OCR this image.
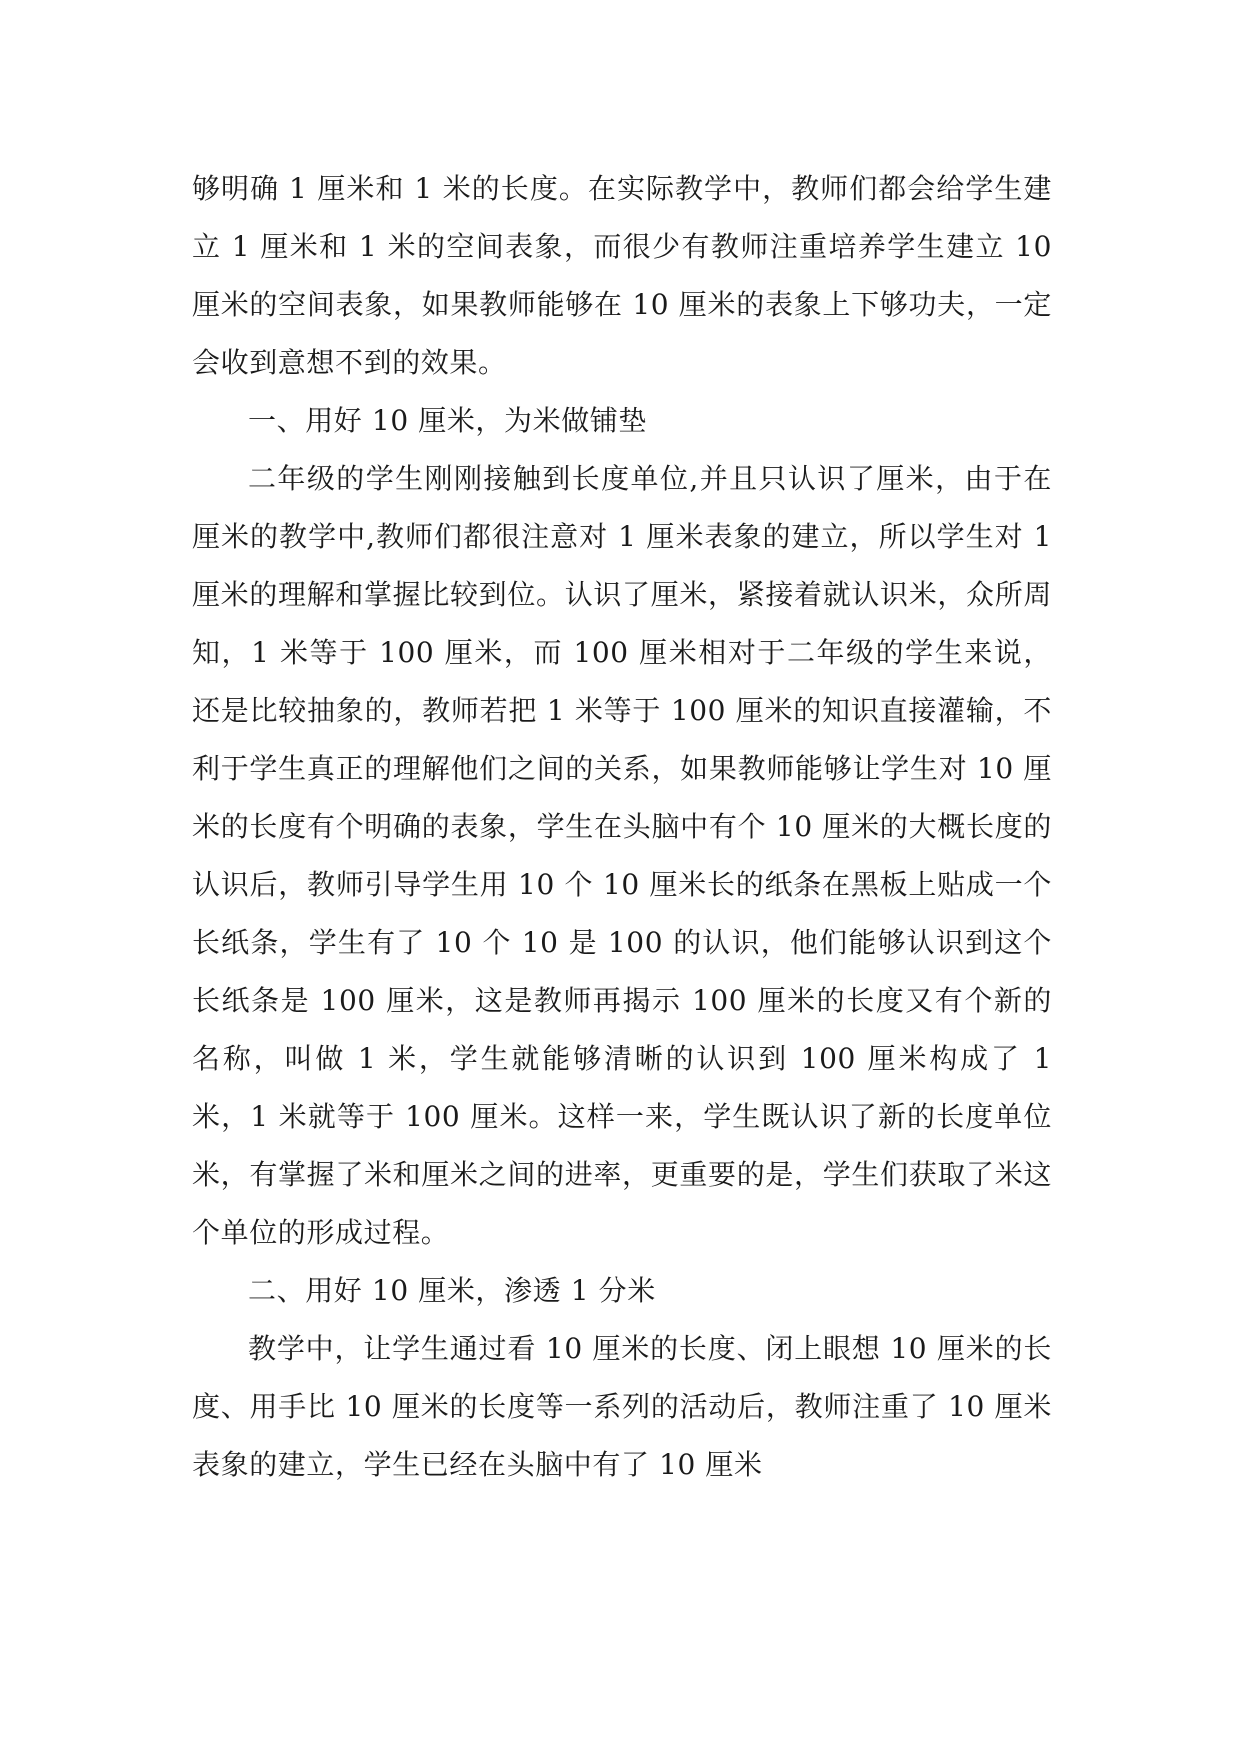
够明确 1 厘米和 1 米的长度。在实际教学中，教师们都会给学生建立 1 厘米和 1 米的空间表象，而很少有教师注重培养学生建立 10 厘米的空间表象，如果教师能够在 10 厘米的表象上下够功夫，一定会收到意想不到的效果。

一、用好 10 厘米，为米做铺垫

二年级的学生刚刚接触到长度单位,并且只认识了厘米，由于在厘米的教学中,教师们都很注意对 1 厘米表象的建立，所以学生对 1 厘米的理解和掌握比较到位。认识了厘米，紧接着就认识米，众所周知，1 米等于 100 厘米，而 100 厘米相对于二年级的学生来说，还是比较抽象的，教师若把 1 米等于 100 厘米的知识直接灌输，不利于学生真正的理解他们之间的关系，如果教师能够让学生对 10 厘米的长度有个明确的表象，学生在头脑中有个 10 厘米的大概长度的认识后，教师引导学生用 10 个 10 厘米长的纸条在黑板上贴成一个长纸条，学生有了 10 个 10 是 100 的认识，他们能够认识到这个长纸条是 100 厘米，这是教师再揭示 100 厘米的长度又有个新的名称，叫做 1 米，学生就能够清晰的认识到 100 厘米构成了 1 米，1 米就等于 100 厘米。这样一来，学生既认识了新的长度单位米，有掌握了米和厘米之间的进率，更重要的是，学生们获取了米这个单位的形成过程。

二、用好 10 厘米，渗透 1 分米

教学中，让学生通过看 10 厘米的长度、闭上眼想 10 厘米的长度、用手比 10 厘米的长度等一系列的活动后，教师注重了 10 厘米表象的建立，学生已经在头脑中有了 10 厘米
